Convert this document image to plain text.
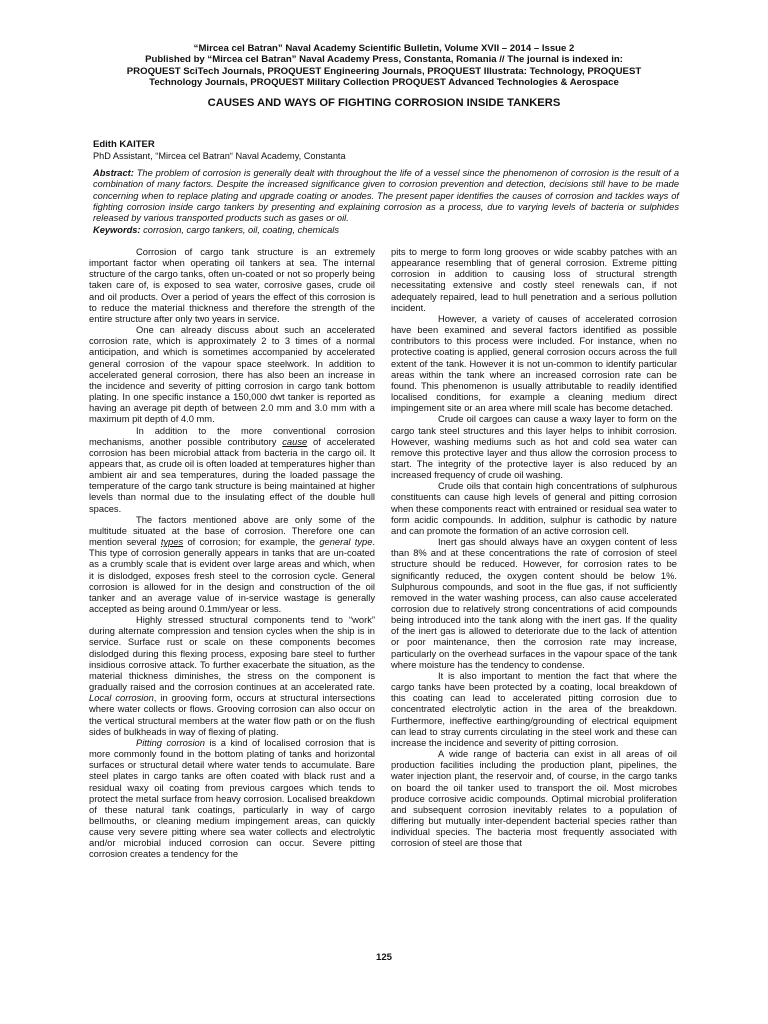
“Mircea cel Batran” Naval Academy Scientific Bulletin, Volume XVII – 2014 – Issue 2
Published by “Mircea cel Batran” Naval Academy Press, Constanta, Romania // The journal is indexed in:
PROQUEST SciTech Journals, PROQUEST Engineering Journals, PROQUEST Illustrata: Technology, PROQUEST
Technology Journals, PROQUEST Military Collection PROQUEST Advanced Technologies & Aerospace
CAUSES AND WAYS OF FIGHTING CORROSION INSIDE TANKERS
Edith KAITER
PhD Assistant, “Mircea cel Batran“ Naval Academy, Constanta
Abstract: The problem of corrosion is generally dealt with throughout the life of a vessel since the phenomenon of corrosion is the result of a combination of many factors. Despite the increased significance given to corrosion prevention and detection, decisions still have to be made concerning when to replace plating and upgrade coating or anodes. The present paper identifies the causes of corrosion and tackles ways of fighting corrosion inside cargo tankers by presenting and explaining corrosion as a process, due to varying levels of bacteria or sulphides released by various transported products such as gases or oil.
Keywords: corrosion, cargo tankers, oil, coating, chemicals

Corrosion of cargo tank structure is an extremely important factor when operating oil tankers at sea. The internal structure of the cargo tanks, often un-coated or not so properly being taken care of, is exposed to sea water, corrosive gases, crude oil and oil products. Over a period of years the effect of this corrosion is to reduce the material thickness and therefore the strength of the entire structure after only two years in service.

One can already discuss about such an accelerated corrosion rate, which is approximately 2 to 3 times of a normal anticipation, and which is sometimes accompanied by accelerated general corrosion of the vapour space steelwork. In addition to accelerated general corrosion, there has also been an increase in the incidence and severity of pitting corrosion in cargo tank bottom plating. In one specific instance a 150,000 dwt tanker is reported as having an average pit depth of between 2.0 mm and 3.0 mm with a maximum pit depth of 4.0 mm.

In addition to the more conventional corrosion mechanisms, another possible contributory cause of accelerated corrosion has been microbial attack from bacteria in the cargo oil. It appears that, as crude oil is often loaded at temperatures higher than ambient air and sea temperatures, during the loaded passage the temperature of the cargo tank structure is being maintained at higher levels than normal due to the insulating effect of the double hull spaces.

The factors mentioned above are only some of the multitude situated at the base of corrosion. Therefore one can mention several types of corrosion; for example, the general type. This type of corrosion generally appears in tanks that are un-coated as a crumbly scale that is evident over large areas and which, when it is dislodged, exposes fresh steel to the corrosion cycle. General corrosion is allowed for in the design and construction of the oil tanker and an average value of in-service wastage is generally accepted as being around 0.1mm/year or less.

Highly stressed structural components tend to “work” during alternate compression and tension cycles when the ship is in service. Surface rust or scale on these components becomes dislodged during this flexing process, exposing bare steel to further insidious corrosive attack. To further exacerbate the situation, as the material thickness diminishes, the stress on the component is gradually raised and the corrosion continues at an accelerated rate. Local corrosion, in grooving form, occurs at structural intersections where water collects or flows. Grooving corrosion can also occur on the vertical structural members at the water flow path or on the flush sides of bulkheads in way of flexing of plating.

Pitting corrosion is a kind of localised corrosion that is more commonly found in the bottom plating of tanks and horizontal surfaces or structural detail where water tends to accumulate. Bare steel plates in cargo tanks are often coated with black rust and a residual waxy oil coating from previous cargoes which tends to protect the metal surface from heavy corrosion. Localised breakdown of these natural tank coatings, particularly in way of cargo bellmouths, or cleaning medium impingement areas, can quickly cause very severe pitting where sea water collects and electrolytic and/or microbial induced corrosion can occur. Severe pitting corrosion creates a tendency for the

pits to merge to form long grooves or wide scabby patches with an appearance resembling that of general corrosion. Extreme pitting corrosion in addition to causing loss of structural strength necessitating extensive and costly steel renewals can, if not adequately repaired, lead to hull penetration and a serious pollution incident.

However, a variety of causes of accelerated corrosion have been examined and several factors identified as possible contributors to this process were included. For instance, when no protective coating is applied, general corrosion occurs across the full extent of the tank. However it is not un-common to identify particular areas within the tank where an increased corrosion rate can be found. This phenomenon is usually attributable to readily identified localised conditions, for example a cleaning medium direct impingement site or an area where mill scale has become detached.

Crude oil cargoes can cause a waxy layer to form on the cargo tank steel structures and this layer helps to inhibit corrosion. However, washing mediums such as hot and cold sea water can remove this protective layer and thus allow the corrosion process to start. The integrity of the protective layer is also reduced by an increased frequency of crude oil washing.

Crude oils that contain high concentrations of sulphurous constituents can cause high levels of general and pitting corrosion when these components react with entrained or residual sea water to form acidic compounds. In addition, sulphur is cathodic by nature and can promote the formation of an active corrosion cell.

Inert gas should always have an oxygen content of less than 8% and at these concentrations the rate of corrosion of steel structure should be reduced. However, for corrosion rates to be significantly reduced, the oxygen content should be below 1%. Sulphurous compounds, and soot in the flue gas, if not sufficiently removed in the water washing process, can also cause accelerated corrosion due to relatively strong concentrations of acid compounds being introduced into the tank along with the inert gas. If the quality of the inert gas is allowed to deteriorate due to the lack of attention or poor maintenance, then the corrosion rate may increase, particularly on the overhead surfaces in the vapour space of the tank where moisture has the tendency to condense.

It is also important to mention the fact that where the cargo tanks have been protected by a coating, local breakdown of this coating can lead to accelerated pitting corrosion due to concentrated electrolytic action in the area of the breakdown. Furthermore, ineffective earthing/grounding of electrical equipment can lead to stray currents circulating in the steel work and these can increase the incidence and severity of pitting corrosion.

A wide range of bacteria can exist in all areas of oil production facilities including the production plant, pipelines, the water injection plant, the reservoir and, of course, in the cargo tanks on board the oil tanker used to transport the oil. Most microbes produce corrosive acidic compounds. Optimal microbial proliferation and subsequent corrosion inevitably relates to a population of differing but mutually inter-dependent bacterial species rather than individual species. The bacteria most frequently associated with corrosion of steel are those that

125
